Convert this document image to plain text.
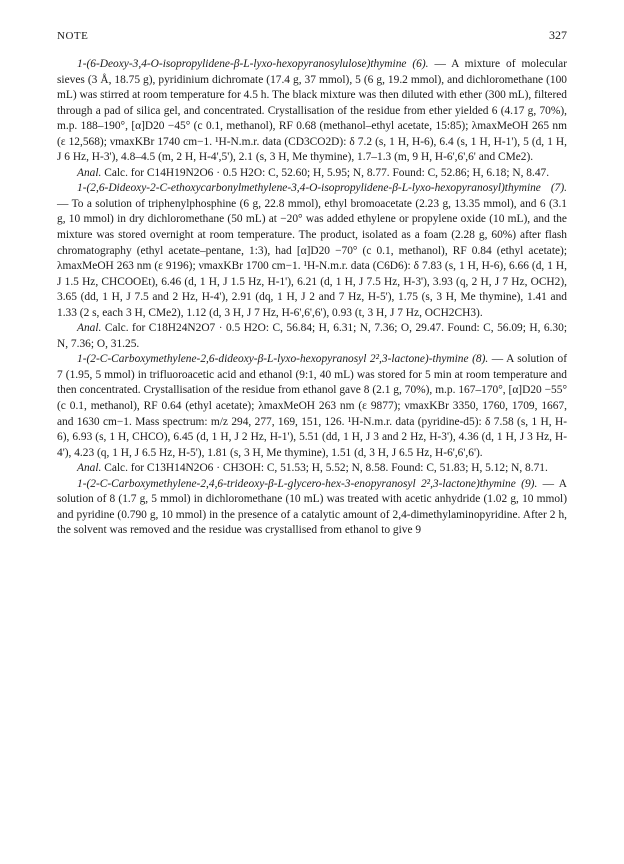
NOTE	327

1-(6-Deoxy-3,4-O-isopropylidene-β-L-lyxo-hexopyranosylulose)thymine (6). — A mixture of molecular sieves (3 Å, 18.75 g), pyridinium dichromate (17.4 g, 37 mmol), 5 (6 g, 19.2 mmol), and dichloromethane (100 mL) was stirred at room temperature for 4.5 h. The black mixture was then diluted with ether (300 mL), filtered through a pad of silica gel, and concentrated. Crystallisation of the residue from ether yielded 6 (4.17 g, 70%), m.p. 188–190°, [α]D20 −45° (c 0.1, methanol), RF 0.68 (methanol–ethyl acetate, 15:85); λmaxMeOH 265 nm (ε 12,568); νmaxKBr 1740 cm−1. ¹H-N.m.r. data (CD3CO2D): δ 7.2 (s, 1 H, H-6), 6.4 (s, 1 H, H-1'), 5 (d, 1 H, J 6 Hz, H-3'), 4.8–4.5 (m, 2 H, H-4',5'), 2.1 (s, 3 H, Me thymine), 1.7–1.3 (m, 9 H, H-6',6',6' and CMe2).

Anal. Calc. for C14H19N2O6 · 0.5 H2O: C, 52.60; H, 5.95; N, 8.77. Found: C, 52.86; H, 6.18; N, 8.47.

1-(2,6-Dideoxy-2-C-ethoxycarbonylmethylene-3,4-O-isopropylidene-β-L-lyxo-hexopyranosyl)thymine (7). — To a solution of triphenylphosphine (6 g, 22.8 mmol), ethyl bromoacetate (2.23 g, 13.35 mmol), and 6 (3.1 g, 10 mmol) in dry dichloromethane (50 mL) at −20° was added ethylene or propylene oxide (10 mL), and the mixture was stored overnight at room temperature. The product, isolated as a foam (2.28 g, 60%) after flash chromatography (ethyl acetate–pentane, 1:3), had [α]D20 −70° (c 0.1, methanol), RF 0.84 (ethyl acetate); λmaxMeOH 263 nm (ε 9196); νmaxKBr 1700 cm−1. ¹H-N.m.r. data (C6D6): δ 7.83 (s, 1 H, H-6), 6.66 (d, 1 H, J 1.5 Hz, CHCOOEt), 6.46 (d, 1 H, J 1.5 Hz, H-1'), 6.21 (d, 1 H, J 7.5 Hz, H-3'), 3.93 (q, 2 H, J 7 Hz, OCH2), 3.65 (dd, 1 H, J 7.5 and 2 Hz, H-4'), 2.91 (dq, 1 H, J 2 and 7 Hz, H-5'), 1.75 (s, 3 H, Me thymine), 1.41 and 1.33 (2 s, each 3 H, CMe2), 1.12 (d, 3 H, J 7 Hz, H-6',6',6'), 0.93 (t, 3 H, J 7 Hz, OCH2CH3).

Anal. Calc. for C18H24N2O7 · 0.5 H2O: C, 56.84; H, 6.31; N, 7.36; O, 29.47. Found: C, 56.09; H, 6.30; N, 7.36; O, 31.25.

1-(2-C-Carboxymethylene-2,6-dideoxy-β-L-lyxo-hexopyranosyl 2²,3-lactone)-thymine (8). — A solution of 7 (1.95, 5 mmol) in trifluoroacetic acid and ethanol (9:1, 40 mL) was stored for 5 min at room temperature and then concentrated. Crystallisation of the residue from ethanol gave 8 (2.1 g, 70%), m.p. 167–170°, [α]D20 −55° (c 0.1, methanol), RF 0.64 (ethyl acetate); λmaxMeOH 263 nm (ε 9877); νmaxKBr 3350, 1760, 1709, 1667, and 1630 cm−1. Mass spectrum: m/z 294, 277, 169, 151, 126. ¹H-N.m.r. data (pyridine-d5): δ 7.58 (s, 1 H, H-6), 6.93 (s, 1 H, CHCO), 6.45 (d, 1 H, J 2 Hz, H-1'), 5.51 (dd, 1 H, J 3 and 2 Hz, H-3'), 4.36 (d, 1 H, J 3 Hz, H-4'), 4.23 (q, 1 H, J 6.5 Hz, H-5'), 1.81 (s, 3 H, Me thymine), 1.51 (d, 3 H, J 6.5 Hz, H-6',6',6').

Anal. Calc. for C13H14N2O6 · CH3OH: C, 51.53; H, 5.52; N, 8.58. Found: C, 51.83; H, 5.12; N, 8.71.

1-(2-C-Carboxymethylene-2,4,6-trideoxy-β-L-glycero-hex-3-enopyranosyl 2²,3-lactone)thymine (9). — A solution of 8 (1.7 g, 5 mmol) in dichloromethane (10 mL) was treated with acetic anhydride (1.02 g, 10 mmol) and pyridine (0.790 g, 10 mmol) in the presence of a catalytic amount of 2,4-dimethylaminopyridine. After 2 h, the solvent was removed and the residue was crystallised from ethanol to give 9
